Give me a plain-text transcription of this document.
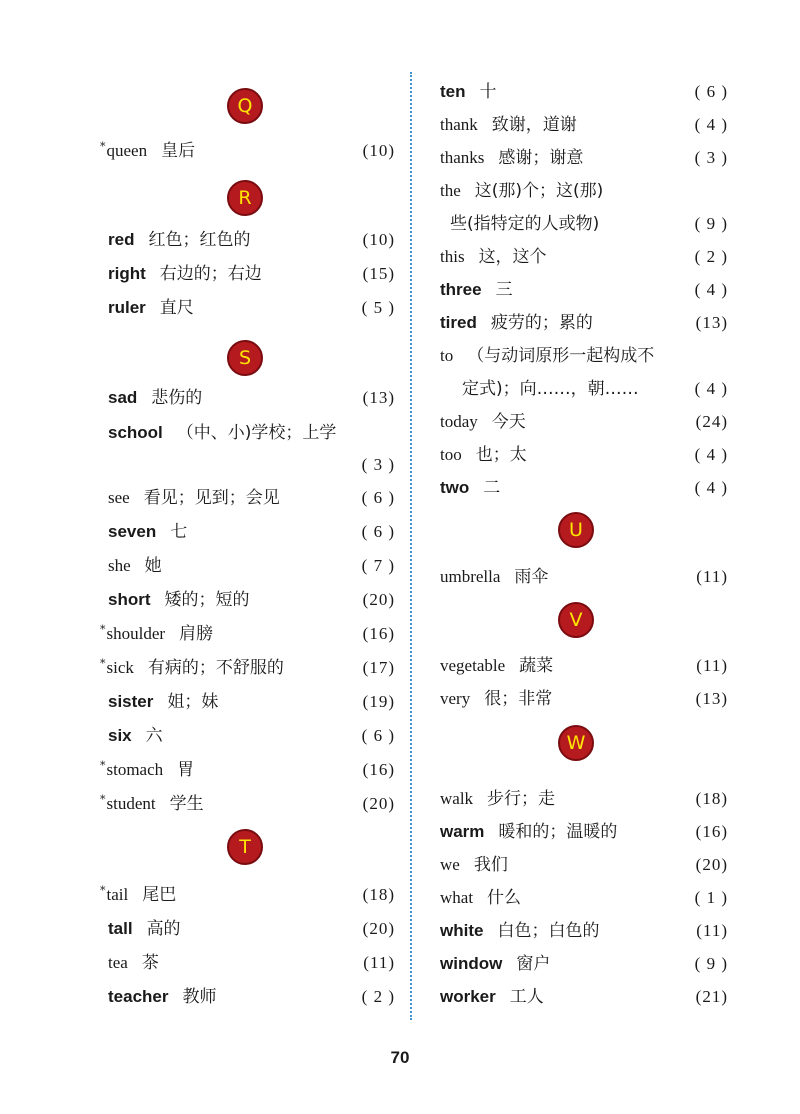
Q
R
S
T
*queen 皇后	(10)
red 红色；红色的	(10)
right 右边的；右边	(15)
ruler 直尺	( 5 )
sad 悲伤的	(13)
school （中、小)学校；上学
( 3 )
see 看见；见到；会见	( 6 )
seven 七	( 6 )
she 她	( 7 )
short 矮的；短的	(20)
*shoulder 肩膀	(16)
*sick 有病的；不舒服的	(17)
sister 姐；妹	(19)
six 六	( 6 )
*stomach 胃	(16)
*student 学生	(20)
*tail 尾巴	(18)
tall 高的	(20)
tea 茶	(11)
teacher 教师	( 2 )
U
V
W
ten 十	( 6 )
thank 致谢，道谢	( 4 )
thanks 感谢；谢意	( 3 )
the 这(那)个；这(那)
些(指特定的人或物)	( 9 )
this 这，这个	( 2 )
three 三	( 4 )
tired 疲劳的；累的	(13)
to （与动词原形一起构成不
定式)；向……，朝……	( 4 )
today 今天	(24)
too 也；太	( 4 )
two 二	( 4 )
umbrella 雨伞	(11)
vegetable 蔬菜	(11)
very 很；非常	(13)
walk 步行；走	(18)
warm 暖和的；温暖的	(16)
we 我们	(20)
what 什么	( 1 )
white 白色；白色的	(11)
window 窗户	( 9 )
worker 工人	(21)
70
